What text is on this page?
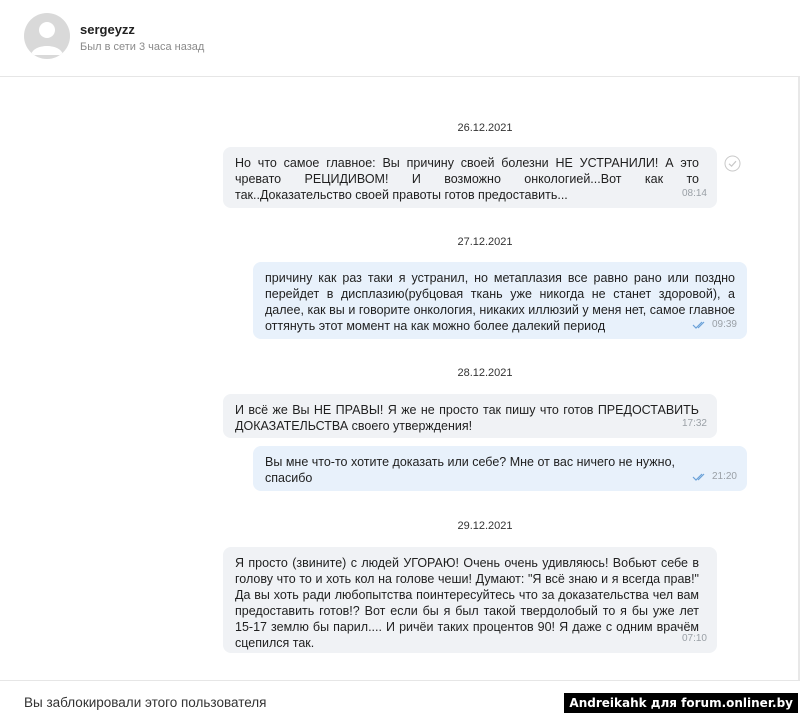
sergeyzz
Был в сети 3 часа назад
26.12.2021
Но что самое главное: Вы причину своей болезни НЕ УСТРАНИЛИ! А это чревато РЕЦИДИВОМ! И возможно онкологией...Вот как то так..Доказательство своей правоты готов предоставить...	08:14
27.12.2021
причину как раз таки я устранил, но метаплазия все равно рано или поздно перейдет в дисплазию(рубцовая ткань уже никогда не станет здоровой), а далее, как вы и говорите онкология, никаких иллюзий у меня нет, самое главное оттянуть этот момент на как можно более далекий период	09:39
28.12.2021
И всё же Вы НЕ ПРАВЫ! Я же не просто так пишу что готов ПРЕДОСТАВИТЬ ДОКАЗАТЕЛЬСТВА своего утверждения!	17:32
Вы мне что-то хотите доказать или себе? Мне от вас ничего не нужно, спасибо	21:20
29.12.2021
Я просто (звините) с людей УГОРАЮ! Очень очень удивляюсь! Вобьют себе в голову что то и хоть кол на голове чеши! Думают: "Я всё знаю и я всегда прав!" Да вы хоть ради любопытства поинтересуйтесь что за доказательства чел вам предоставить готов!? Вот если бы я был такой твердолобый то я бы уже лет 15-17 землю бы парил.... И ричёи таких процентов 90! Я даже с одним врачём сцепился так.	07:10
Вы заблокировали этого пользователя	Andreikahk для forum.onliner.by
